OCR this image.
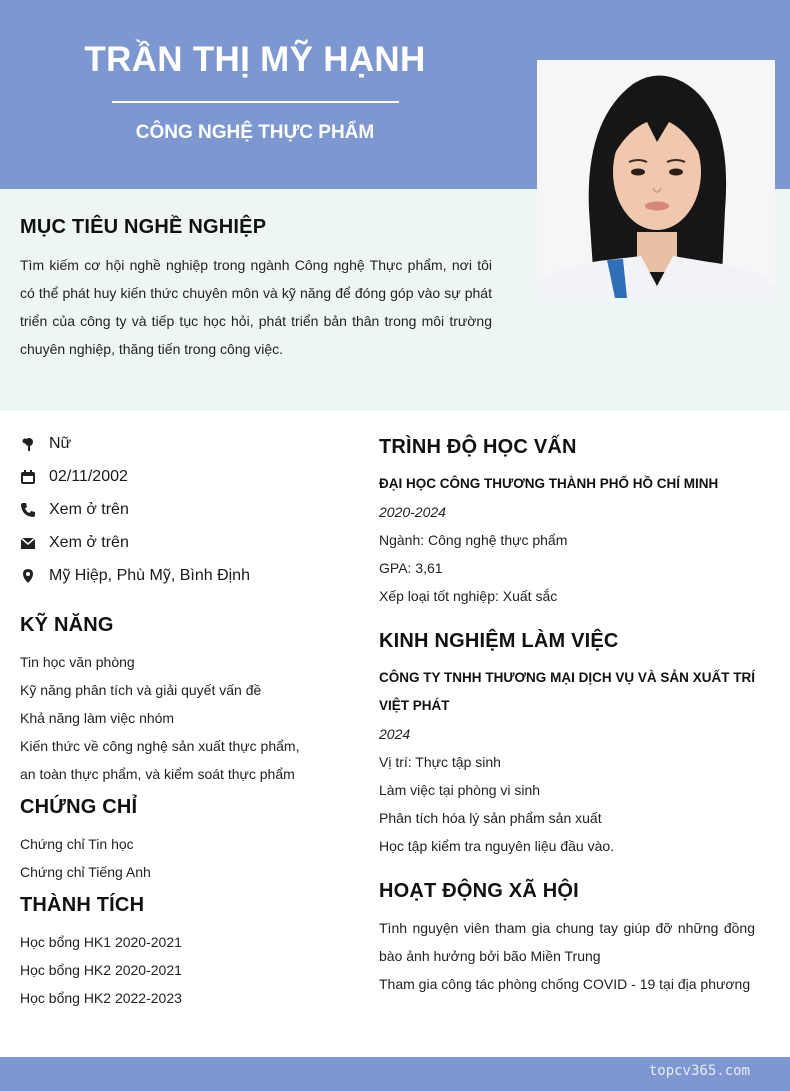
TRẦN THỊ MỸ HẠNH
CÔNG NGHỆ THỰC PHẨM
MỤC TIÊU NGHỀ NGHIỆP
Tìm kiếm cơ hội nghề nghiệp trong ngành Công nghệ Thực phẩm, nơi tôi có thể phát huy kiến thức chuyên môn và kỹ năng để đóng góp vào sự phát triển của công ty và tiếp tục học hỏi, phát triển bản thân trong môi trường chuyên nghiệp, thăng tiến trong công việc.
Nữ
02/11/2002
Xem ở trên
Xem ở trên
Mỹ Hiệp, Phù Mỹ, Bình Định
KỸ NĂNG
Tin học văn phòng
Kỹ năng phân tích và giải quyết vấn đề
Khả năng làm việc nhóm
Kiến thức về công nghệ sản xuất thực phẩm,
an toàn thực phẩm, và kiểm soát thực phẩm
CHỨNG CHỈ
Chứng chỉ Tin học
Chứng chỉ Tiếng Anh
THÀNH TÍCH
Học bổng HK1 2020-2021
Học bổng HK2 2020-2021
Học bổng HK2 2022-2023
TRÌNH ĐỘ HỌC VẤN
ĐẠI HỌC CÔNG THƯƠNG THÀNH PHỐ HỒ CHÍ MINH
2020-2024
Ngành: Công nghệ thực phẩm
GPA: 3,61
Xếp loại tốt nghiệp: Xuất sắc
KINH NGHIỆM LÀM VIỆC
CÔNG TY TNHH THƯƠNG MẠI DỊCH VỤ VÀ SẢN XUẤT TRÍ VIỆT PHÁT
2024
Vị trí: Thực tập sinh
Làm việc tại phòng vi sinh
Phân tích hóa lý sản phẩm sản xuất
Học tập kiểm tra nguyên liệu đầu vào.
HOẠT ĐỘNG XÃ HỘI
Tình nguyện viên tham gia chung tay giúp đỡ những đồng bào ảnh hưởng bởi bão Miền Trung
Tham gia công tác phòng chống COVID - 19 tại địa phương
topcv365.com
